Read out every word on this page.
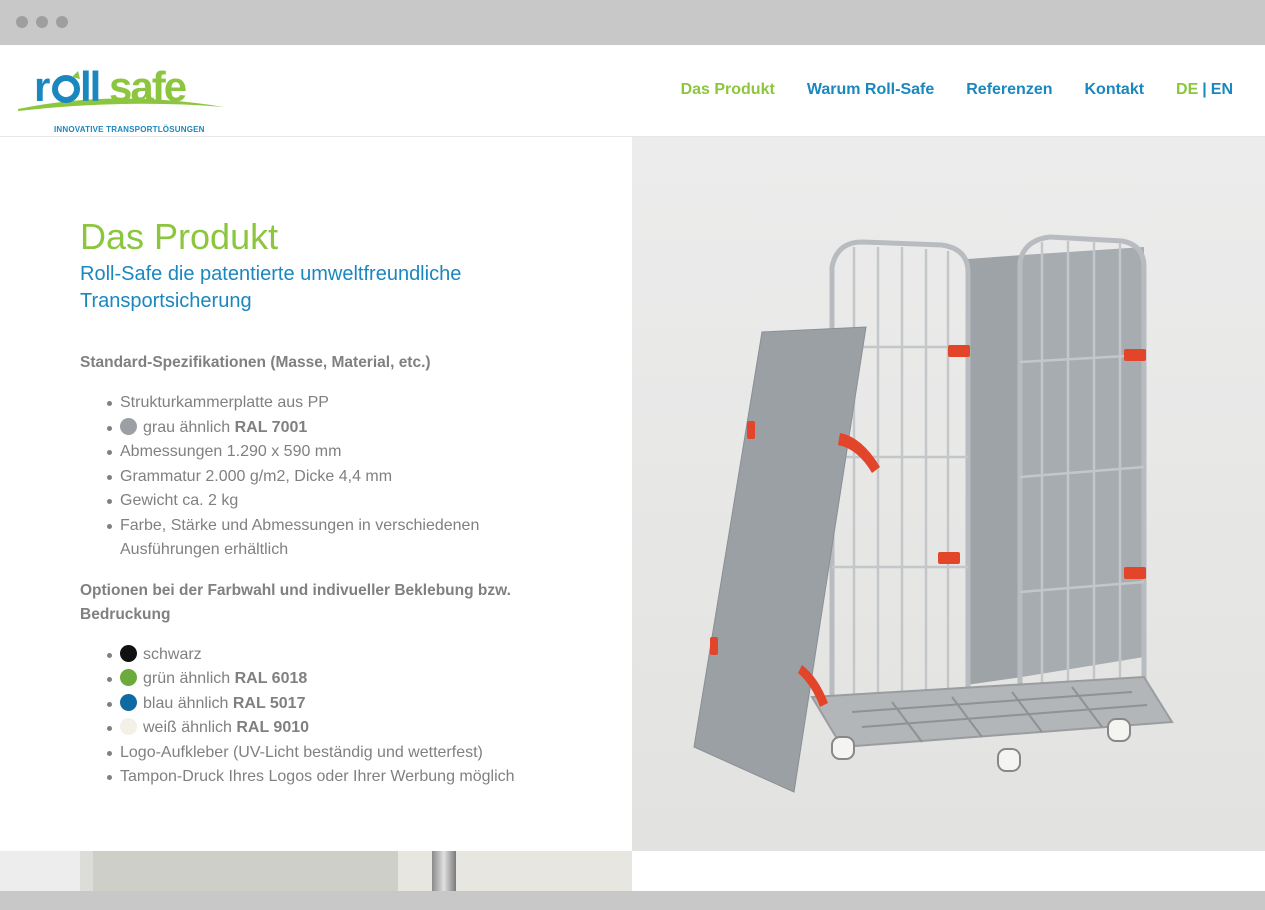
r ll safe
INNOVATIVE TRANSPORTLÖSUNGEN
Das Produkt Warum Roll-Safe Referenzen Kontakt DE | EN
Das Produkt
Roll-Safe die patentierte umweltfreundliche Transportsicherung

Standard-Spezifikationen (Masse, Material, etc.)

Strukturkammerplatte aus PP
grau ähnlich RAL 7001
Abmessungen 1.290 x 590 mm
Grammatur 2.000 g/m2, Dicke 4,4 mm
Gewicht ca. 2 kg
Farbe, Stärke und Abmessungen in verschiedenen Ausführungen erhältlich

Optionen bei der Farbwahl und indivueller Beklebung bzw. Bedruckung

schwarz
grün ähnlich RAL 6018
blau ähnlich RAL 5017
weiß ähnlich RAL 9010
Logo-Aufkleber (UV-Licht beständig und wetterfest)
Tampon-Druck Ihres Logos oder Ihrer Werbung möglich
